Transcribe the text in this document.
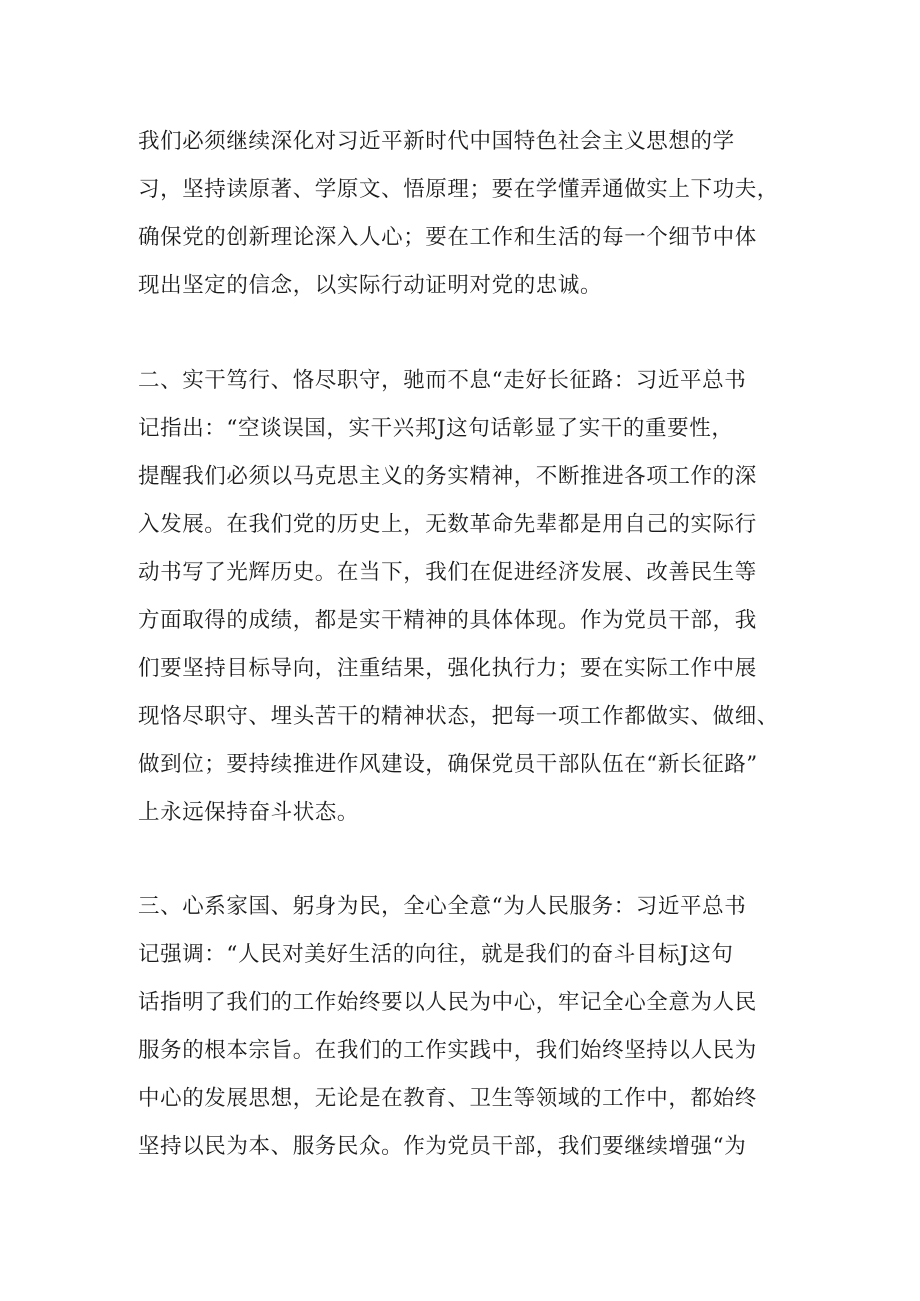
我们必须继续深化对习近平新时代中国特色社会主义思想的学
习，坚持读原著、学原文、悟原理；要在学懂弄通做实上下功夫，
确保党的创新理论深入人心；要在工作和生活的每一个细节中体
现出坚定的信念，以实际行动证明对党的忠诚。
二、实干笃行、恪尽职守，驰而不息“走好长征路：习近平总书
记指出：“空谈误国，实干兴邦J这句话彰显了实干的重要性，
提醒我们必须以马克思主义的务实精神，不断推进各项工作的深
入发展。在我们党的历史上，无数革命先辈都是用自己的实际行
动书写了光辉历史。在当下，我们在促进经济发展、改善民生等
方面取得的成绩，都是实干精神的具体体现。作为党员干部，我
们要坚持目标导向，注重结果，强化执行力；要在实际工作中展
现恪尽职守、埋头苦干的精神状态，把每一项工作都做实、做细、
做到位；要持续推进作风建设，确保党员干部队伍在“新长征路”
上永远保持奋斗状态。
三、心系家国、躬身为民，全心全意“为人民服务：习近平总书
记强调：“人民对美好生活的向往，就是我们的奋斗目标J这句
话指明了我们的工作始终要以人民为中心，牢记全心全意为人民
服务的根本宗旨。在我们的工作实践中，我们始终坚持以人民为
中心的发展思想，无论是在教育、卫生等领域的工作中，都始终
坚持以民为本、服务民众。作为党员干部，我们要继续增强“为
